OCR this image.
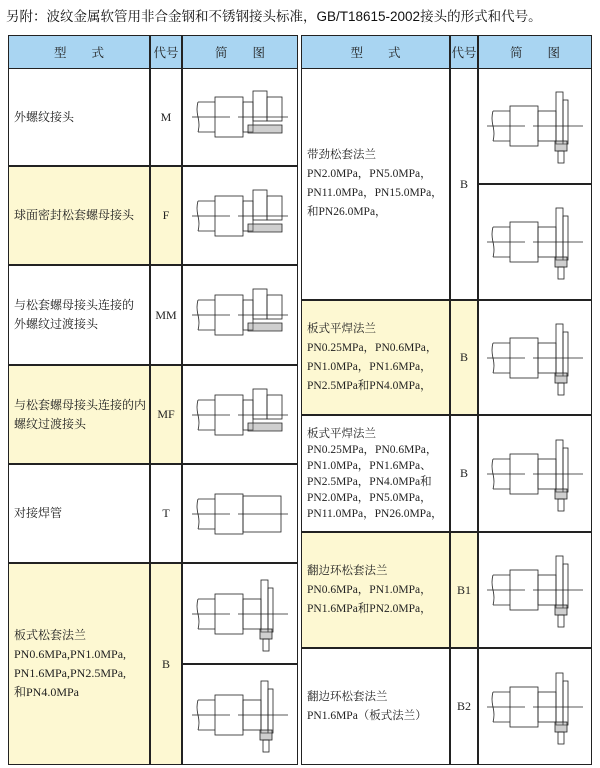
另附：波纹金属软管用非合金钢和不锈钢接头标准，GB/T18615-2002接头的形式和代号。
型　　式	代号	简　　图	型　　式	代号	简　　图
外螺纹接头	M
球面密封松套螺母接头	F
与松套螺母接头连接的
外螺纹过渡接头
MM
与松套螺母接头连接的内
螺纹过渡接头
MF
对接焊管	T
板式松套法兰
PN0.6MPa,PN1.0MPa,
PN1.6MPa,PN2.5MPa,
和PN4.0MPa
B
带劲松套法兰
PN2.0MPa，PN5.0MPa，
PN11.0MPa，PN15.0MPa，
和PN26.0MPa，
B
板式平焊法兰
PN0.25MPa，PN0.6MPa，
PN1.0MPa，PN1.6MPa，
PN2.5MPa和PN4.0MPa，
B
板式平焊法兰
PN0.25MPa，PN0.6MPa，
PN1.0MPa，PN1.6MPa、
PN2.5MPa，PN4.0MPa和
PN2.0MPa，PN5.0MPa，
PN11.0MPa，PN26.0MPa，
B
翻边环松套法兰
PN0.6MPa，PN1.0MPa，
PN1.6MPa和PN2.0MPa，
B1
翻边环松套法兰
PN1.6MPa（板式法兰）
B2
